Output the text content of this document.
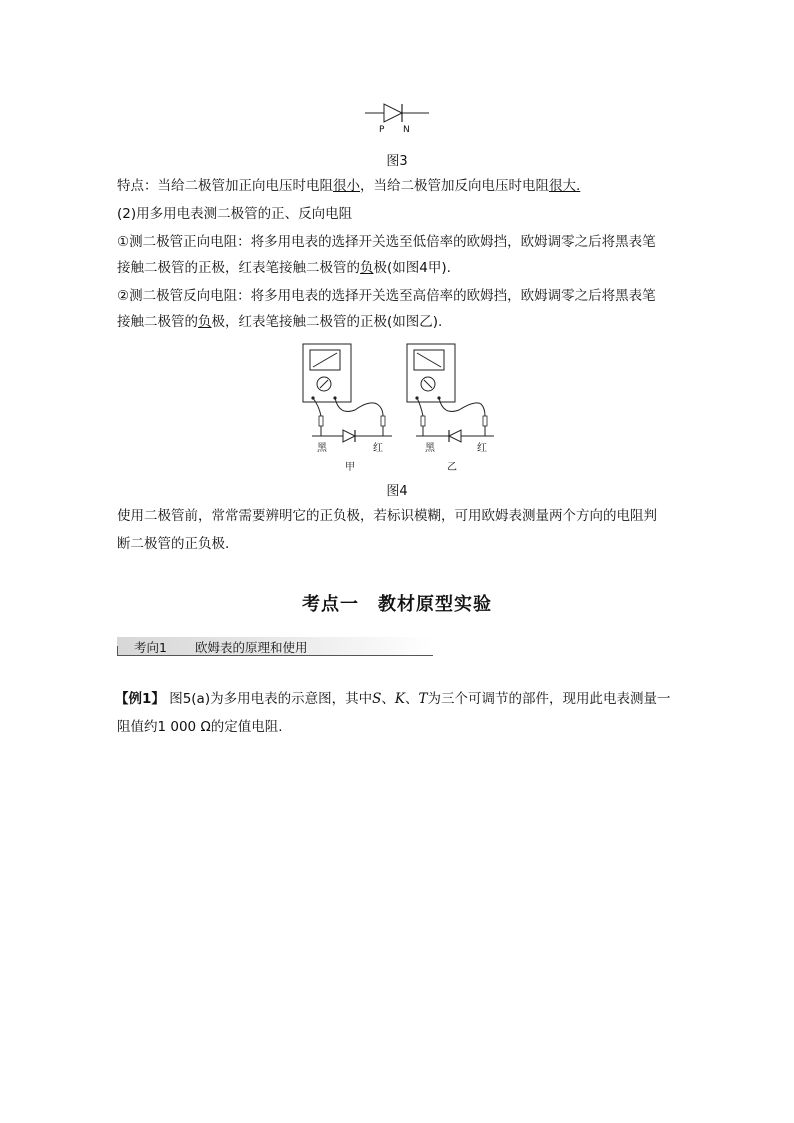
P N
图3
特点：当给二极管加正向电压时电阻很小，当给二极管加反向电压时电阻很大.
(2)用多用电表测二极管的正、反向电阻
①测二极管正向电阻：将多用电表的选择开关选至低倍率的欧姆挡，欧姆调零之后将黑表笔
接触二极管的正极，红表笔接触二极管的负极(如图4甲).
②测二极管反向电阻：将多用电表的选择开关选至高倍率的欧姆挡，欧姆调零之后将黑表笔
接触二极管的负极，红表笔接触二极管的正极(如图乙).
黑	红
甲
黑	红
乙
图4
使用二极管前，常常需要辨明它的正负极，若标识模糊，可用欧姆表测量两个方向的电阻判
断二极管的正负极.
考点一　教材原型实验
考向1 欧姆表的原理和使用
【例1】 图5(a)为多用电表的示意图，其中S、K、T为三个可调节的部件，现用此电表测量一
阻值约1 000 Ω的定值电阻.
